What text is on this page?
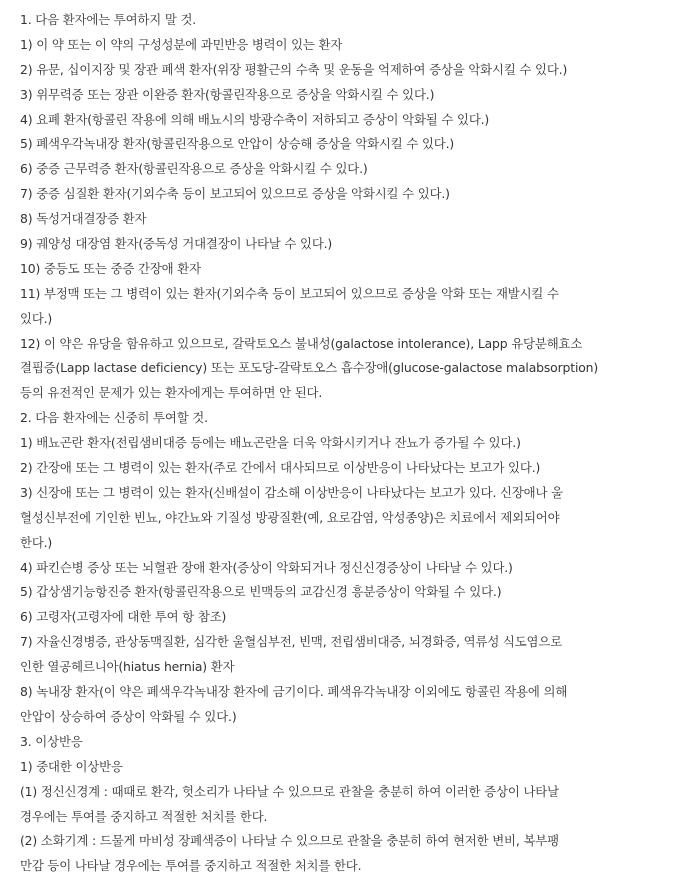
1. 다음 환자에는 투여하지 말 것.
1) 이 약 또는 이 약의 구성성분에 과민반응 병력이 있는 환자
2) 유문, 십이지장 및 장관 폐색 환자(위장 평활근의 수축 및 운동을 억제하여 증상을 악화시킬 수 있다.)
3) 위무력증 또는 장관 이완증 환자(항콜린작용으로 증상을 악화시킬 수 있다.)
4) 요폐 환자(항콜린 작용에 의해 배뇨시의 방광수축이 저하되고 증상이 악화될 수 있다.)
5) 폐색우각녹내장 환자(항콜린작용으로 안압이 상승해 증상을 악화시킬 수 있다.)
6) 중증 근무력증 환자(항콜린작용으로 증상을 악화시킬 수 있다.)
7) 중증 심질환 환자(기외수축 등이 보고되어 있으므로 증상을 악화시킬 수 있다.)
8) 독성거대결장증 환자
9) 궤양성 대장염 환자(중독성 거대결장이 나타날 수 있다.)
10) 중등도 또는 중증 간장애 환자
11) 부정맥 또는 그 병력이 있는 환자(기외수축 등이 보고되어 있으므로 증상을 악화 또는 재발시킬 수
있다.)
12) 이 약은 유당을 함유하고 있으므로, 갈락토오스 불내성(galactose intolerance), Lapp 유당분해효소
결핍증(Lapp lactase deficiency) 또는 포도당-갈락토오스 흡수장애(glucose-galactose malabsorption)
등의 유전적인 문제가 있는 환자에게는 투여하면 안 된다.
2. 다음 환자에는 신중히 투여할 것.
1) 배뇨곤란 환자(전립샘비대증 등에는 배뇨곤란을 더욱 악화시키거나 잔뇨가 증가될 수 있다.)
2) 간장애 또는 그 병력이 있는 환자(주로 간에서 대사되므로 이상반응이 나타났다는 보고가 있다.)
3) 신장애 또는 그 병력이 있는 환자(신배설이 감소해 이상반응이 나타났다는 보고가 있다. 신장애나 울
혈성신부전에 기인한 빈뇨, 야간뇨와 기질성 방광질환(예, 요로감염, 악성종양)은 치료에서 제외되어야
한다.)
4) 파킨슨병 증상 또는 뇌혈관 장애 환자(증상이 악화되거나 정신신경증상이 나타날 수 있다.)
5) 갑상샘기능항진증 환자(항콜린작용으로 빈맥등의 교감신경 흥분증상이 악화될 수 있다.)
6) 고령자(고령자에 대한 투여 항 참조)
7) 자율신경병증, 관상동맥질환, 심각한 울혈심부전, 빈맥, 전립샘비대증, 뇌경화증, 역류성 식도염으로
인한 열공헤르니아(hiatus hernia) 환자
8) 녹내장 환자(이 약은 폐색우각녹내장 환자에 금기이다. 폐색유각녹내장 이외에도 항콜린 작용에 의해
안압이 상승하여 증상이 악화될 수 있다.)
3. 이상반응
1) 중대한 이상반응
(1) 정신신경계 : 때때로 환각, 헛소리가 나타날 수 있으므로 관찰을 충분히 하여 이러한 증상이 나타날
경우에는 투여를 중지하고 적절한 처치를 한다.
(2) 소화기계 : 드물게 마비성 장폐색증이 나타날 수 있으므로 관찰을 충분히 하여 현저한 변비, 복부팽
만감 등이 나타날 경우에는 투여를 중지하고 적절한 처치를 한다.
